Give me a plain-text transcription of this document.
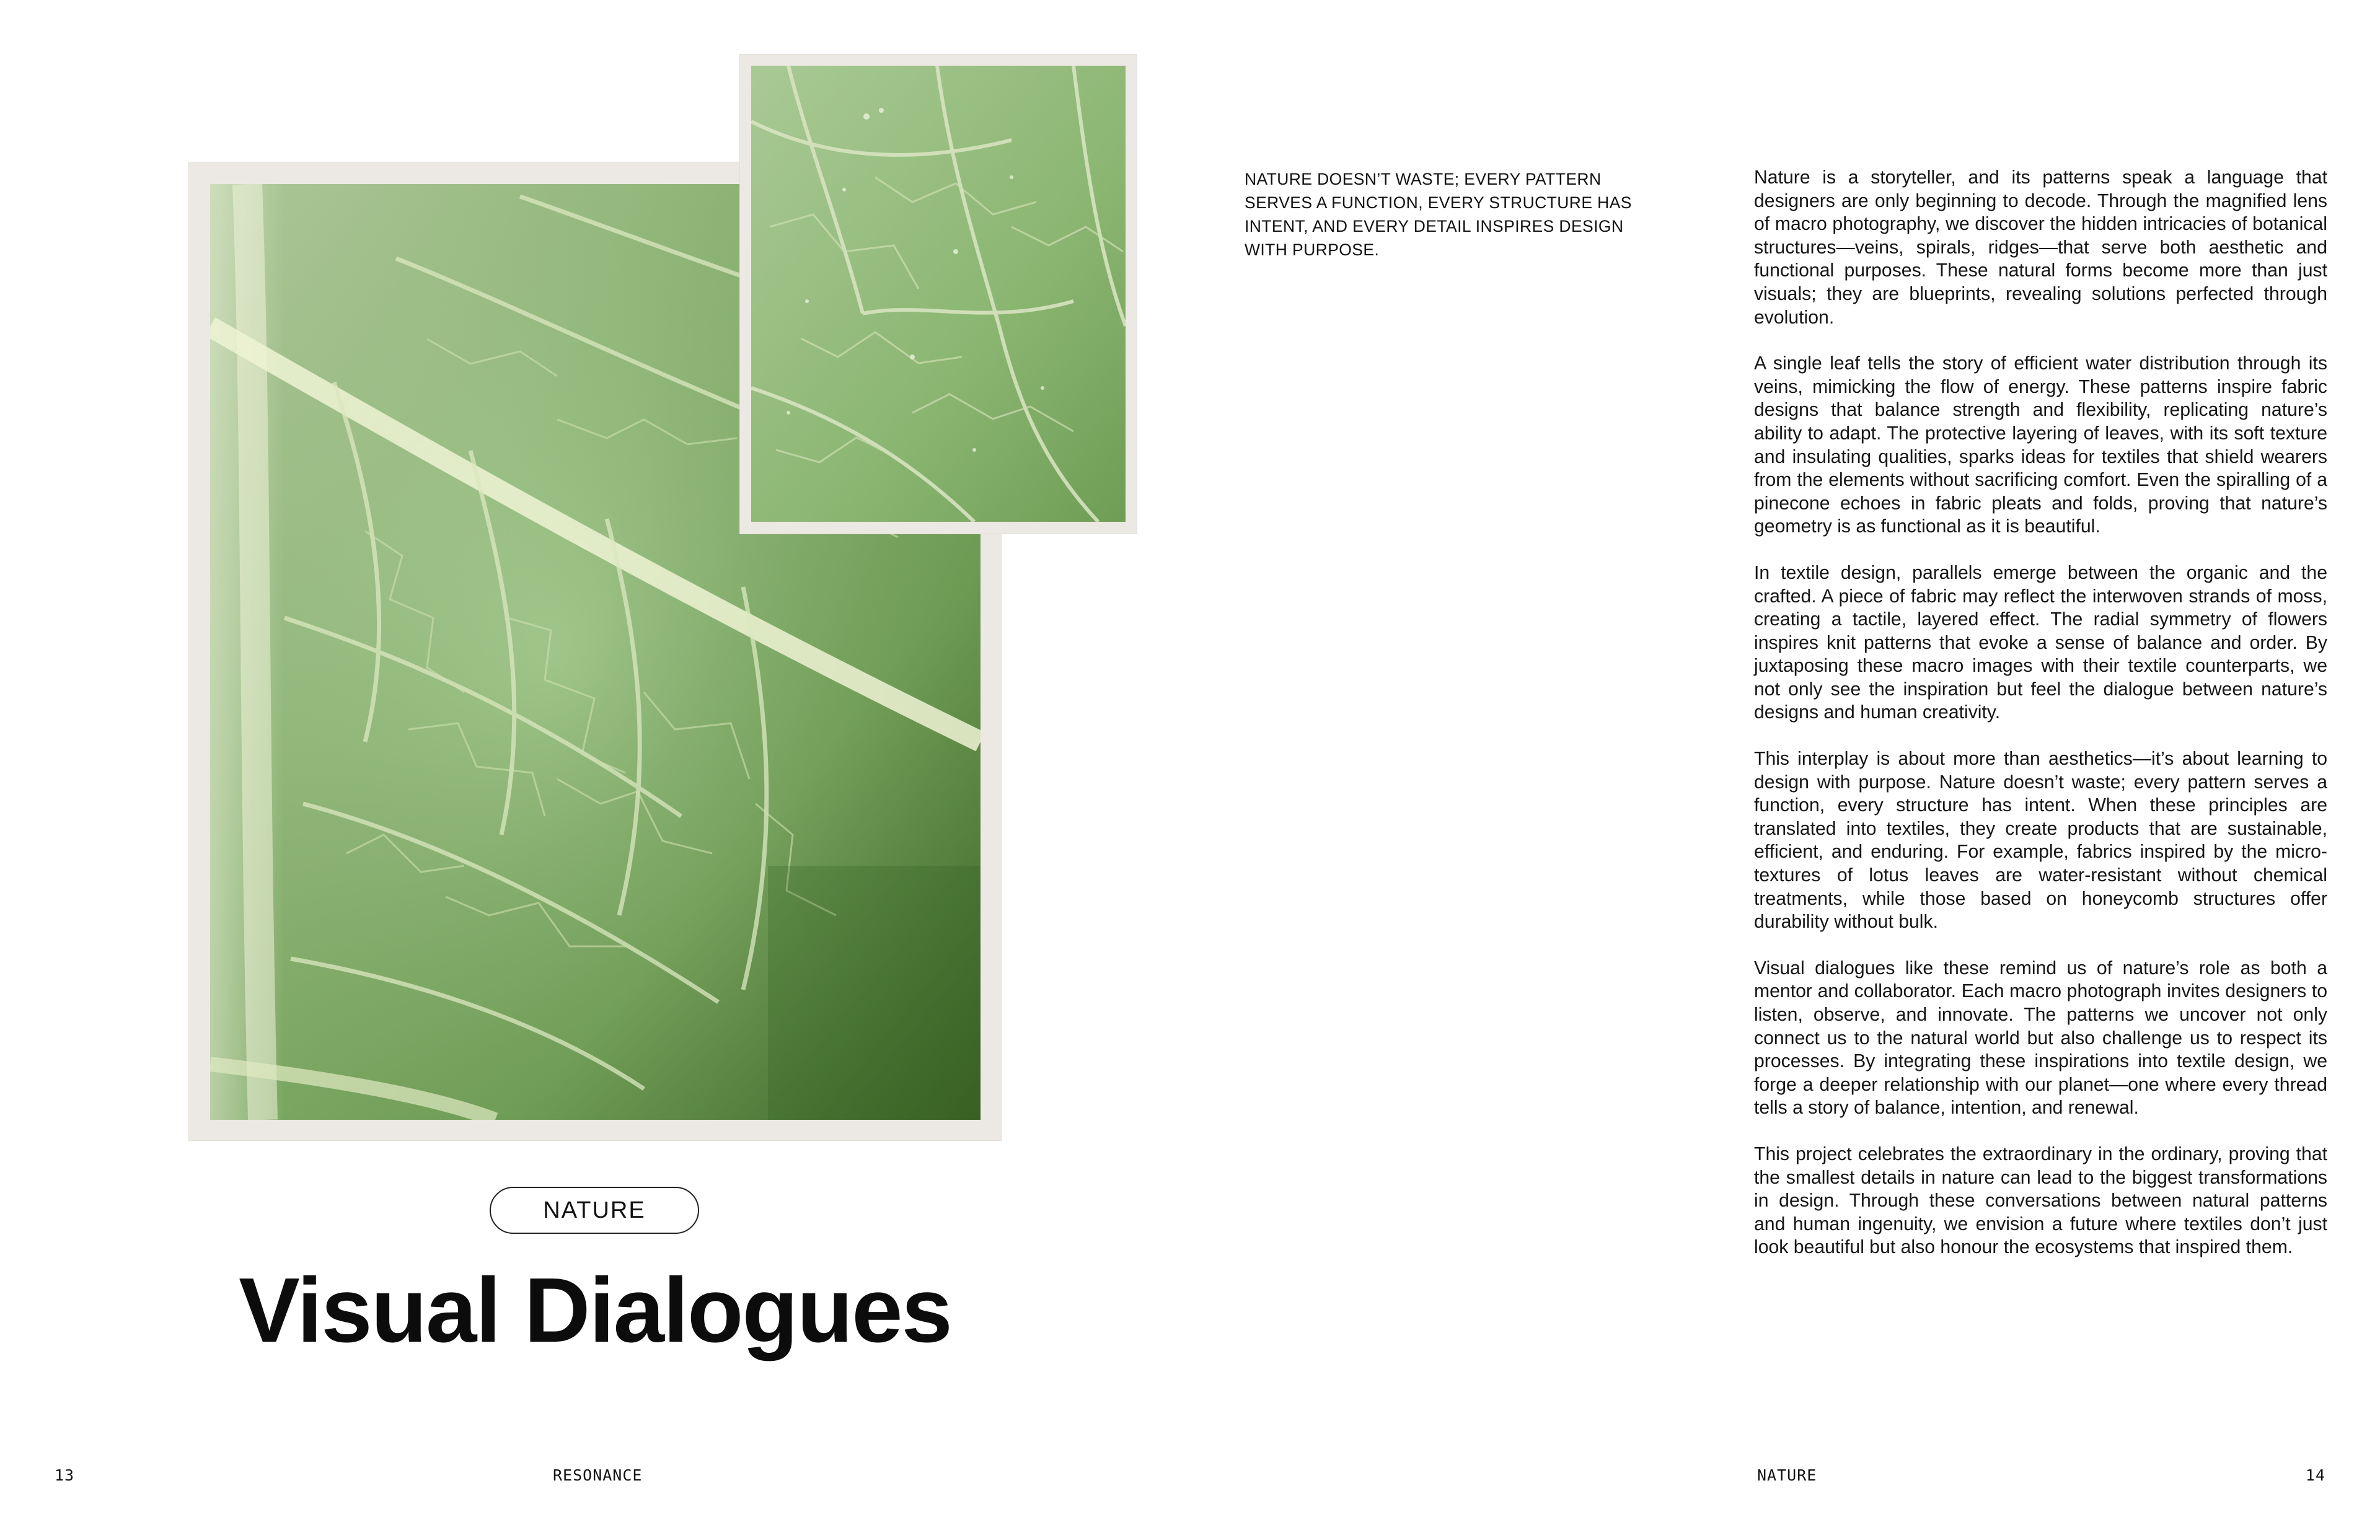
NATURE
Visual Dialogues
NATURE DOESN’T WASTE; EVERY PATTERN SERVES A FUNCTION, EVERY STRUCTURE HAS INTENT, AND EVERY DETAIL INSPIRES DESIGN WITH PURPOSE.

Nature is a storyteller, and its patterns speak a language that designers are only beginning to decode. Through the magnified lens of macro photography, we discover the hidden intricacies of botanical structures—veins, spirals, ridges—that serve both aesthetic and functional purposes. These natural forms become more than just visuals; they are blueprints, revealing solutions perfected through evolution.

A single leaf tells the story of efficient water distribution through its veins, mimicking the flow of energy. These patterns inspire fabric designs that balance strength and flexibility, replicating nature’s ability to adapt. The protective layering of leaves, with its soft texture and insulating qualities, sparks ideas for textiles that shield wearers from the elements without sacrificing comfort. Even the spiralling of a pinecone echoes in fabric pleats and folds, proving that nature’s geometry is as functional as it is beautiful.

In textile design, parallels emerge between the organic and the crafted. A piece of fabric may reflect the interwoven strands of moss, creating a tactile, layered effect. The radial symmetry of flowers inspires knit patterns that evoke a sense of balance and order. By juxtaposing these macro images with their textile counterparts, we not only see the inspiration but feel the dialogue between nature’s designs and human creativity.

This interplay is about more than aesthetics—it’s about learning to design with purpose. Nature doesn’t waste; every pattern serves a function, every structure has intent. When these principles are translated into textiles, they create products that are sustainable, efficient, and enduring. For example, fabrics inspired by the micro-textures of lotus leaves are water-resistant without chemical treatments, while those based on honeycomb structures offer durability without bulk.

Visual dialogues like these remind us of nature’s role as both a mentor and collaborator. Each macro photograph invites designers to listen, observe, and innovate. The patterns we uncover not only connect us to the natural world but also challenge us to respect its processes. By integrating these inspirations into textile design, we forge a deeper relationship with our planet—one where every thread tells a story of balance, intention, and renewal.

This project celebrates the extraordinary in the ordinary, proving that the smallest details in nature can lead to the biggest transformations in design. Through these conversations between natural patterns and human ingenuity, we envision a future where textiles don’t just look beautiful but also honour the ecosystems that inspired them.

13	RESONANCE	NATURE	14
